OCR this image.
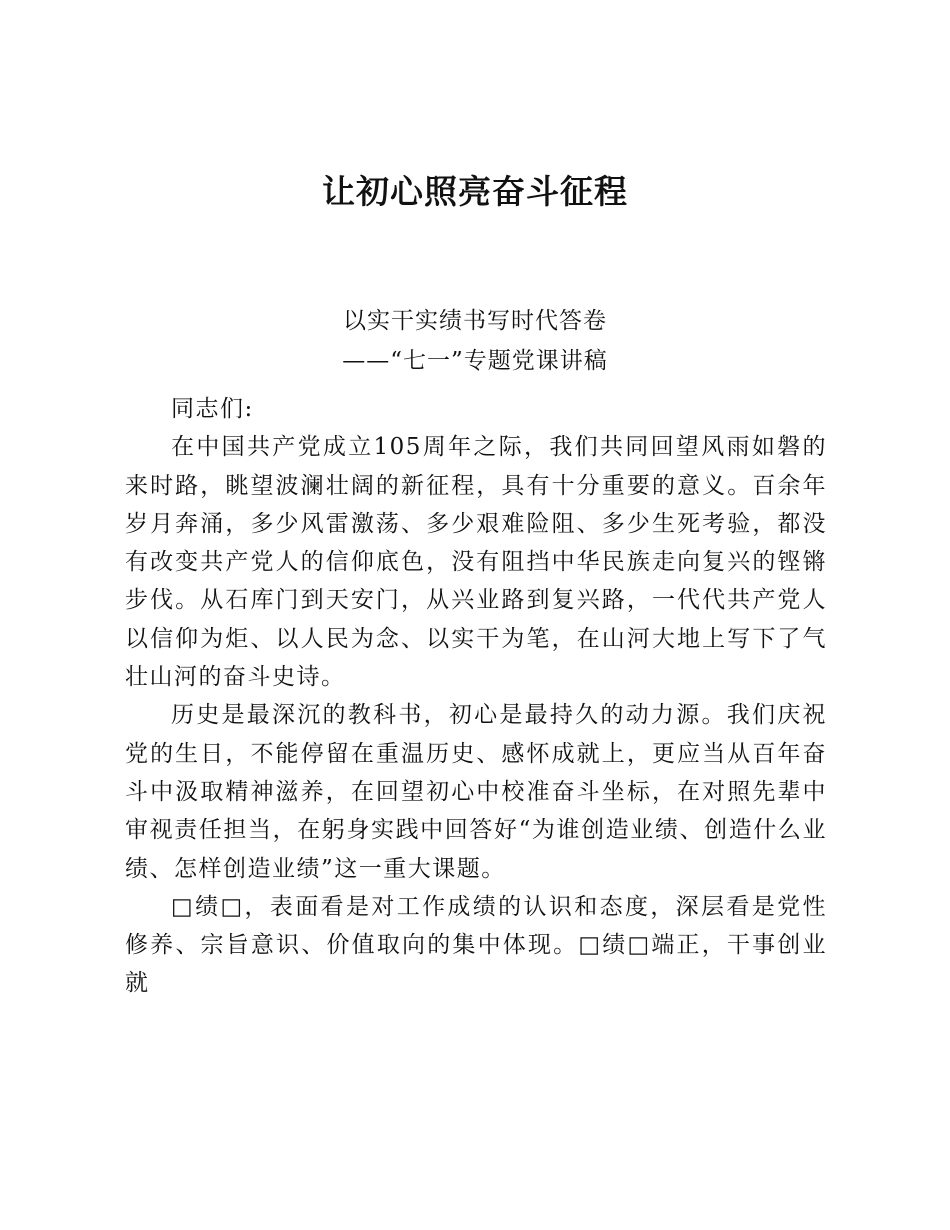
让初心照亮奋斗征程
以实干实绩书写时代答卷
——“七一”专题党课讲稿

同志们:

在中国共产党成立105周年之际，我们共同回望风雨如磐的来时路，眺望波澜壮阔的新征程，具有十分重要的意义。百余年岁月奔涌，多少风雷激荡、多少艰难险阻、多少生死考验，都没有改变共产党人的信仰底色，没有阻挡中华民族走向复兴的铿锵步伐。从石库门到天安门，从兴业路到复兴路，一代代共产党人以信仰为炬、以人民为念、以实干为笔，在山河大地上写下了气壮山河的奋斗史诗。

历史是最深沉的教科书，初心是最持久的动力源。我们庆祝党的生日，不能停留在重温历史、感怀成就上，更应当从百年奋斗中汲取精神滋养，在回望初心中校准奋斗坐标，在对照先辈中审视责任担当，在躬身实践中回答好“为谁创造业绩、创造什么业绩、怎样创造业绩”这一重大课题。

□绩□，表面看是对工作成绩的认识和态度，深层看是党性修养、宗旨意识、价值取向的集中体现。□绩□端正，干事创业就
